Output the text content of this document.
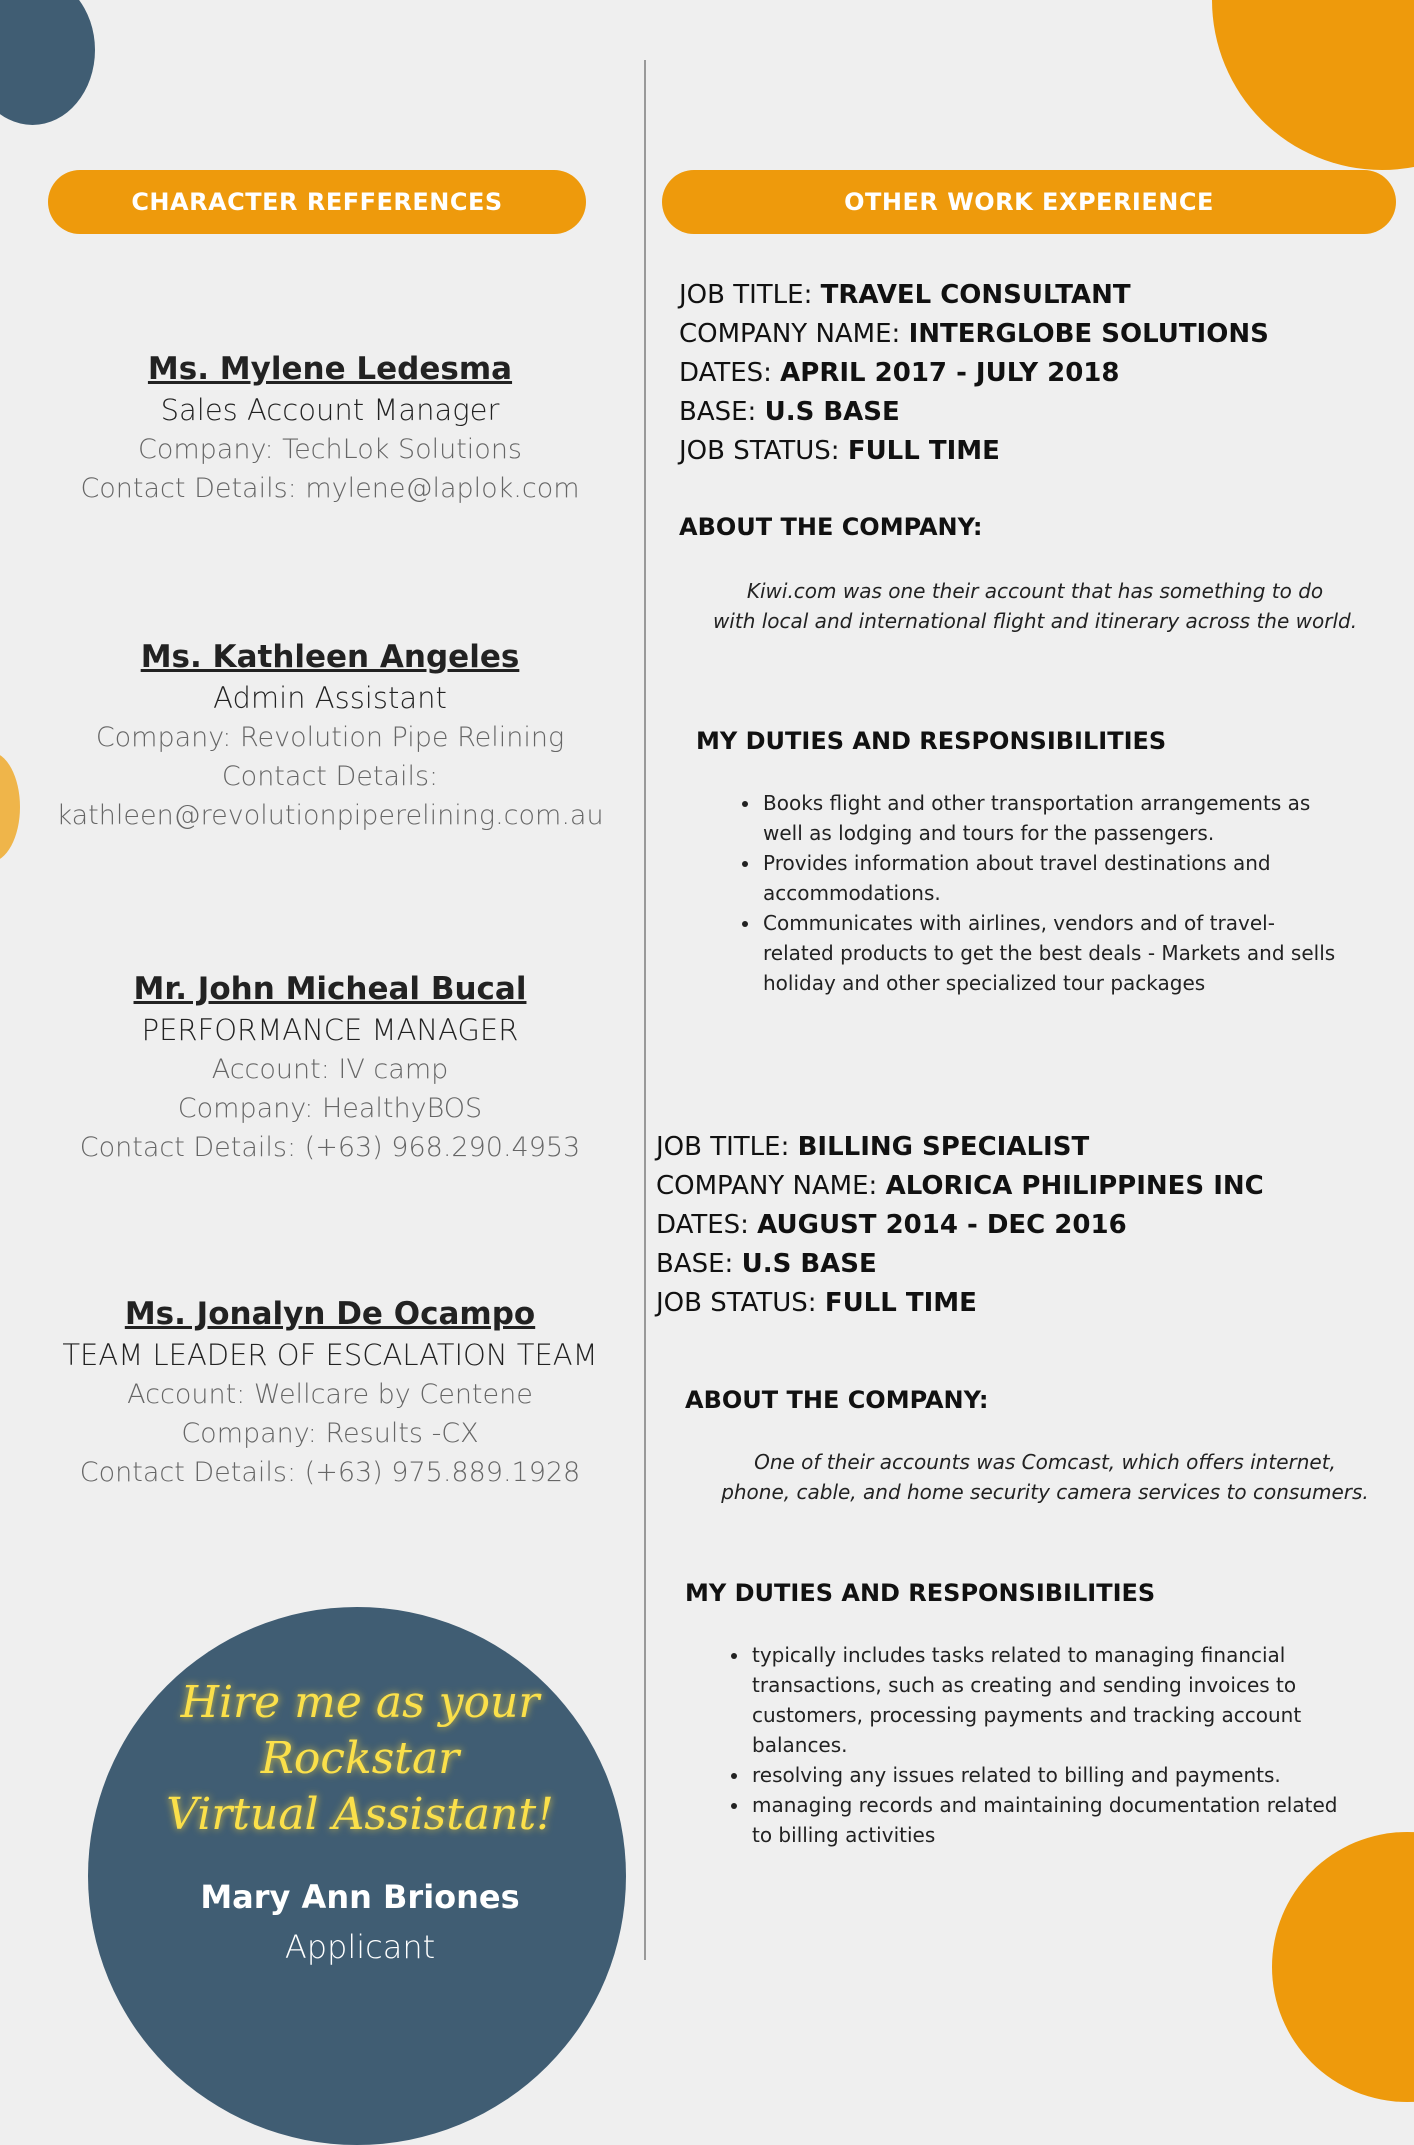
CHARACTER REFFERENCES	OTHER WORK EXPERIENCE
Ms. Mylene Ledesma
Sales Account Manager
Company: TechLok Solutions
Contact Details: mylene@laplok.com
Ms. Kathleen Angeles
Admin Assistant
Company: Revolution Pipe Relining
Contact Details:
kathleen@revolutionpiperelining.com.au
Mr. John Micheal Bucal
PERFORMANCE MANAGER
Account: IV camp
Company: HealthyBOS
Contact Details: (+63) 968.290.4953
Ms. Jonalyn De Ocampo
TEAM LEADER OF ESCALATION TEAM
Account: Wellcare by Centene
Company: Results -CX
Contact Details: (+63) 975.889.1928
Hire me as your
Rockstar
Virtual Assistant!
Mary Ann Briones
Applicant
JOB TITLE: TRAVEL CONSULTANT
COMPANY NAME: INTERGLOBE SOLUTIONS
DATES: APRIL 2017 - JULY 2018
BASE: U.S BASE
JOB STATUS: FULL TIME
ABOUT THE COMPANY:
Kiwi.com was one their account that has something to do
with local and international flight and itinerary across the world.
MY DUTIES AND RESPONSIBILITIES
• Books flight and other transportation arrangements as well as lodging and tours for the passengers.
• Provides information about travel destinations and accommodations.
• Communicates with airlines, vendors and of travel-related products to get the best deals - Markets and sells holiday and other specialized tour packages
JOB TITLE: BILLING SPECIALIST
COMPANY NAME: ALORICA PHILIPPINES INC
DATES: AUGUST 2014 - DEC 2016
BASE: U.S BASE
JOB STATUS: FULL TIME
ABOUT THE COMPANY:
One of their accounts was Comcast, which offers internet,
phone, cable, and home security camera services to consumers.
MY DUTIES AND RESPONSIBILITIES
• typically includes tasks related to managing financial transactions, such as creating and sending invoices to customers, processing payments and tracking account balances.
• resolving any issues related to billing and payments.
• managing records and maintaining documentation related to billing activities
